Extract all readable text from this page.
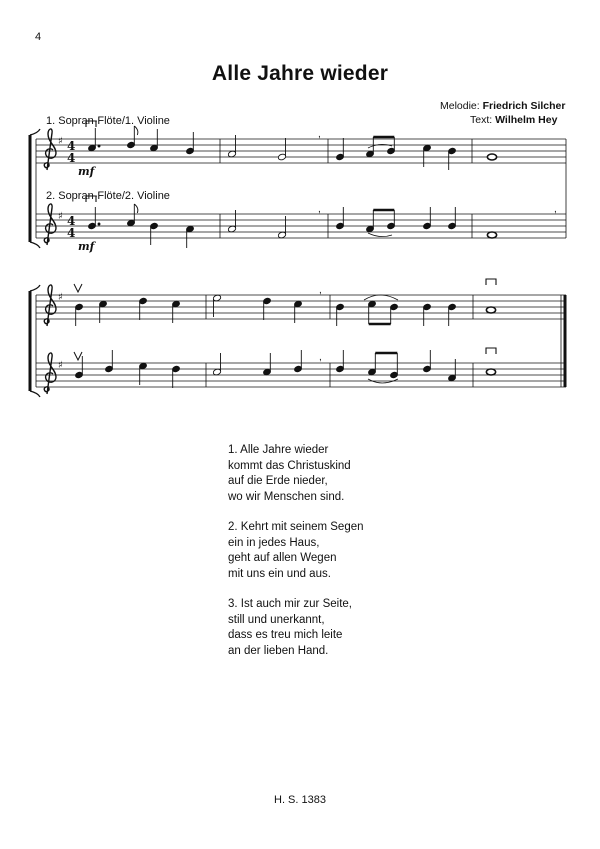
4
Alle Jahre wieder
Melodie: Friedrich Silcher
Text: Wilhelm Hey
1. Sopran-Flöte/1. Violine
2. Sopran-Flöte/2. Violine
♯
♯
4
4
4
4
,
,	,
♯
♯
,
,
mf
mf
1. Alle Jahre wieder
kommt das Christuskind
auf die Erde nieder,
wo wir Menschen sind.
2. Kehrt mit seinem Segen
ein in jedes Haus,
geht auf allen Wegen
mit uns ein und aus.
3. Ist auch mir zur Seite,
still und unerkannt,
dass es treu mich leite
an der lieben Hand.
H. S. 1383
